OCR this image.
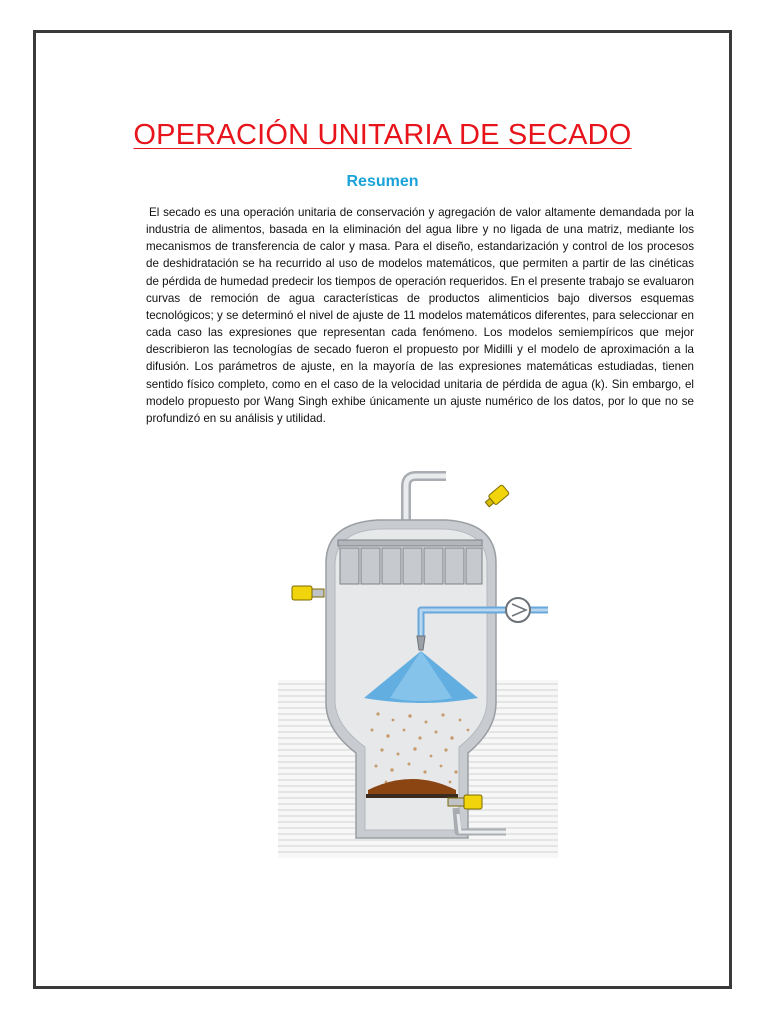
OPERACIÓN UNITARIA DE SECADO
Resumen

El secado es una operación unitaria de conservación y agregación de valor altamente demandada por la industria de alimentos, basada en la eliminación del agua libre y no ligada de una matriz, mediante los mecanismos de transferencia de calor y masa. Para el diseño, estandarización y control de los procesos de deshidratación se ha recurrido al uso de modelos matemáticos, que permiten a partir de las cinéticas de pérdida de humedad predecir los tiempos de operación requeridos. En el presente trabajo se evaluaron curvas de remoción de agua características de productos alimenticios bajo diversos esquemas tecnológicos; y se determinó el nivel de ajuste de 11 modelos matemáticos diferentes, para seleccionar en cada caso las expresiones que representan cada fenómeno. Los modelos semiempíricos que mejor describieron las tecnologías de secado fueron el propuesto por Midilli y el modelo de aproximación a la difusión. Los parámetros de ajuste, en la mayoría de las expresiones matemáticas estudiadas, tienen sentido físico completo, como en el caso de la velocidad unitaria de pérdida de agua (k). Sin embargo, el modelo propuesto por Wang Singh exhibe únicamente un ajuste numérico de los datos, por lo que no se profundizó en su análisis y utilidad.
